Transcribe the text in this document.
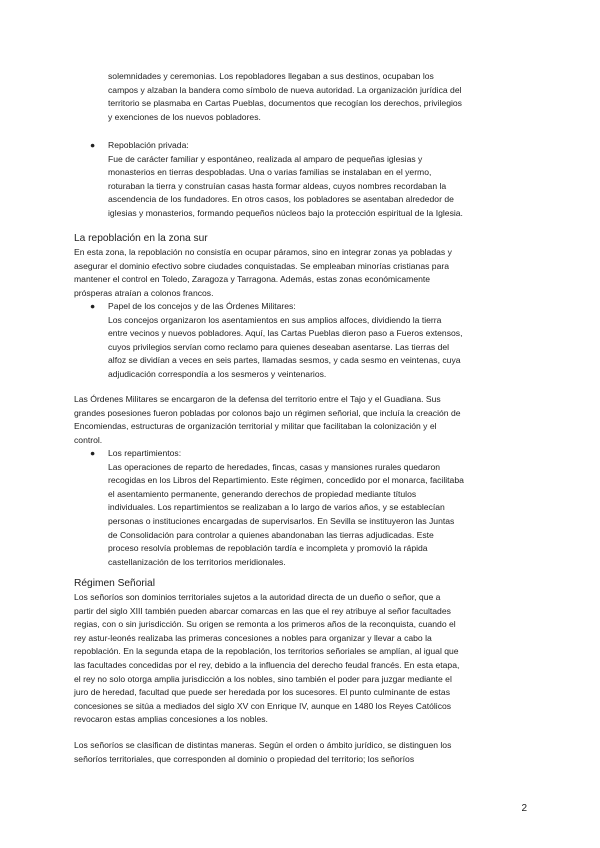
solemnidades y ceremonias. Los repobladores llegaban a sus destinos, ocupaban los

campos y alzaban la bandera como símbolo de nueva autoridad. La organización jurídica del

territorio se plasmaba en Cartas Pueblas, documentos que recogían los derechos, privilegios

y exenciones de los nuevos pobladores.

● Repoblación privada:

Fue de carácter familiar y espontáneo, realizada al amparo de pequeñas iglesias y

monasterios en tierras despobladas. Una o varias familias se instalaban en el yermo,

roturaban la tierra y construían casas hasta formar aldeas, cuyos nombres recordaban la

ascendencia de los fundadores. En otros casos, los pobladores se asentaban alrededor de

iglesias y monasterios, formando pequeños núcleos bajo la protección espiritual de la Iglesia.

La repoblación en la zona sur

En esta zona, la repoblación no consistía en ocupar páramos, sino en integrar zonas ya pobladas y

asegurar el dominio efectivo sobre ciudades conquistadas. Se empleaban minorías cristianas para

mantener el control en Toledo, Zaragoza y Tarragona. Además, estas zonas económicamente

prósperas atraían a colonos francos.

● Papel de los concejos y de las Órdenes Militares:

Los concejos organizaron los asentamientos en sus amplios alfoces, dividiendo la tierra

entre vecinos y nuevos pobladores. Aquí, las Cartas Pueblas dieron paso a Fueros extensos,

cuyos privilegios servían como reclamo para quienes deseaban asentarse. Las tierras del

alfoz se dividían a veces en seis partes, llamadas sesmos, y cada sesmo en veintenas, cuya

adjudicación correspondía a los sesmeros y veintenarios.

Las Órdenes Militares se encargaron de la defensa del territorio entre el Tajo y el Guadiana. Sus

grandes posesiones fueron pobladas por colonos bajo un régimen señorial, que incluía la creación de

Encomiendas, estructuras de organización territorial y militar que facilitaban la colonización y el

control.

● Los repartimientos:

Las operaciones de reparto de heredades, fincas, casas y mansiones rurales quedaron

recogidas en los Libros del Repartimiento. Este régimen, concedido por el monarca, facilitaba

el asentamiento permanente, generando derechos de propiedad mediante títulos

individuales. Los repartimientos se realizaban a lo largo de varios años, y se establecían

personas o instituciones encargadas de supervisarlos. En Sevilla se instituyeron las Juntas

de Consolidación para controlar a quienes abandonaban las tierras adjudicadas. Este

proceso resolvía problemas de repoblación tardía e incompleta y promovió la rápida

castellanización de los territorios meridionales.

Régimen Señorial

Los señoríos son dominios territoriales sujetos a la autoridad directa de un dueño o señor, que a

partir del siglo XIII también pueden abarcar comarcas en las que el rey atribuye al señor facultades

regias, con o sin jurisdicción. Su origen se remonta a los primeros años de la reconquista, cuando el

rey astur-leonés realizaba las primeras concesiones a nobles para organizar y llevar a cabo la

repoblación. En la segunda etapa de la repoblación, los territorios señoriales se amplían, al igual que

las facultades concedidas por el rey, debido a la influencia del derecho feudal francés. En esta etapa,

el rey no solo otorga amplia jurisdicción a los nobles, sino también el poder para juzgar mediante el

juro de heredad, facultad que puede ser heredada por los sucesores. El punto culminante de estas

concesiones se sitúa a mediados del siglo XV con Enrique IV, aunque en 1480 los Reyes Católicos

revocaron estas amplias concesiones a los nobles.

Los señoríos se clasifican de distintas maneras. Según el orden o ámbito jurídico, se distinguen los

señoríos territoriales, que corresponden al dominio o propiedad del territorio; los señoríos

2
